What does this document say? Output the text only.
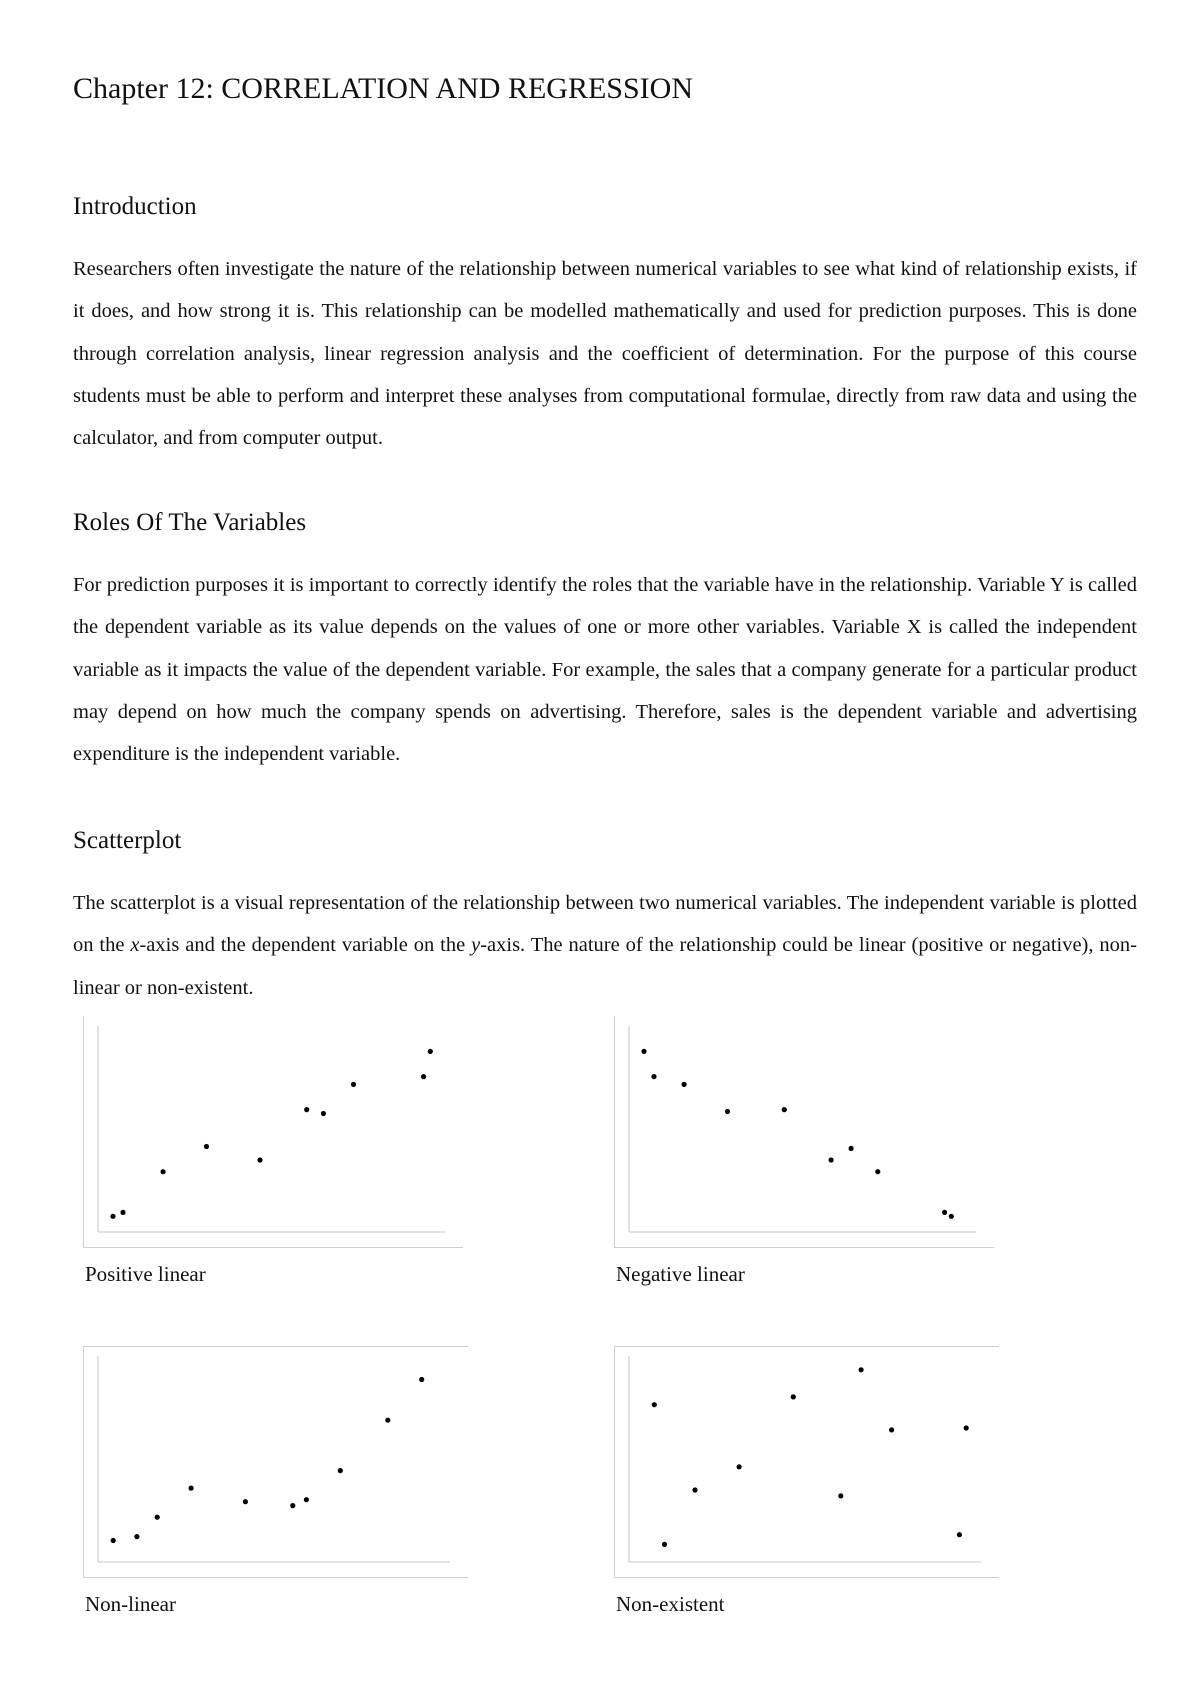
Chapter 12: CORRELATION AND REGRESSION
Introduction

Researchers often investigate the nature of the relationship between numerical variables to see what kind of relationship exists, if it does, and how strong it is. This relationship can be modelled mathematically and used for prediction purposes. This is done through correlation analysis, linear regression analysis and the coefficient of determination. For the purpose of this course students must be able to perform and interpret these analyses from computational formulae, directly from raw data and using the calculator, and from computer output.

Roles Of The Variables

For prediction purposes it is important to correctly identify the roles that the variable have in the relationship. Variable Y is called the dependent variable as its value depends on the values of one or more other variables. Variable X is called the independent variable as it impacts the value of the dependent variable. For example, the sales that a company generate for a particular product may depend on how much the company spends on advertising. Therefore, sales is the dependent variable and advertising expenditure is the independent variable.

Scatterplot

The scatterplot is a visual representation of the relationship between two numerical variables. The independent variable is plotted on the x-axis and the dependent variable on the y-axis. The nature of the relationship could be linear (positive or negative), non-linear or non-existent.

Positive linear	Negative linear
Non-linear	Non-existent
